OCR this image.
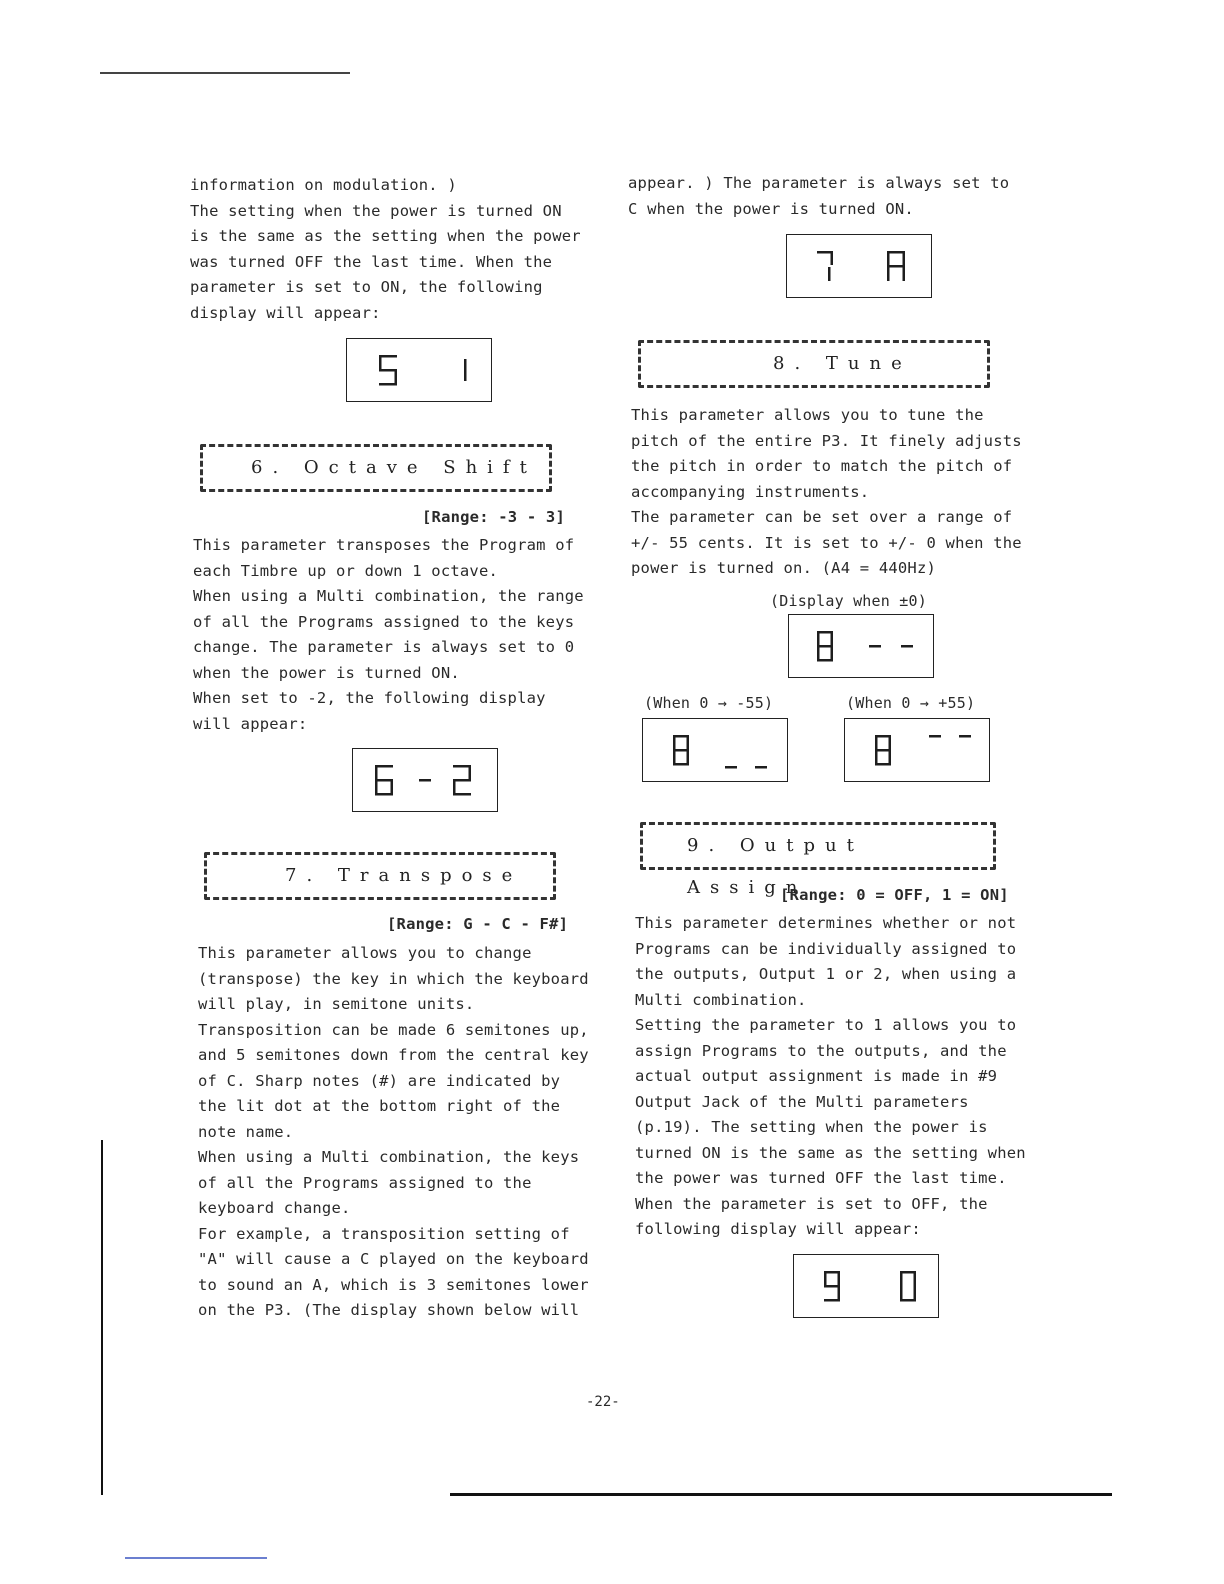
information on modulation. )

The setting when the power is turned ON

is the same as the setting when the power

was turned OFF the last time. When the

parameter is set to ON, the following

display will appear:

6. Octave Shift
[Range: -3 - 3]

This parameter transposes the Program of

each Timbre up or down 1 octave.

When using a Multi combination, the range

of all the Programs assigned to the keys

change. The parameter is always set to 0

when the power is turned ON.

When set to -2, the following display

will appear:

7. Transpose
[Range: G - C - F#]

This parameter allows you to change

(transpose) the key in which the keyboard

will play, in semitone units.

Transposition can be made 6 semitones up,

and 5 semitones down from the central key

of C. Sharp notes (#) are indicated by

the lit dot at the bottom right of the

note name.

When using a Multi combination, the keys

of all the Programs assigned to the

keyboard change.

For example, a transposition setting of

"A" will cause a C played on the keyboard

to sound an A, which is 3 semitones lower

on the P3. (The display shown below will

appear. ) The parameter is always set to

C when the power is turned ON.

8. Tune

This parameter allows you to tune the

pitch of the entire P3. It finely adjusts

the pitch in order to match the pitch of

accompanying instruments.

The parameter can be set over a range of

+/- 55 cents. It is set to +/- 0 when the

power is turned on. (A4 = 440Hz)

(Display when ±0)
(When 0 → -55)	(When 0 → +55)
9. Output Assign
[Range: 0 = OFF, 1 = ON]

This parameter determines whether or not

Programs can be individually assigned to

the outputs, Output 1 or 2, when using a

Multi combination.

Setting the parameter to 1 allows you to

assign Programs to the outputs, and the

actual output assignment is made in #9

Output Jack of the Multi parameters

(p.19). The setting when the power is

turned ON is the same as the setting when

the power was turned OFF the last time.

When the parameter is set to OFF, the

following display will appear:

-22-
